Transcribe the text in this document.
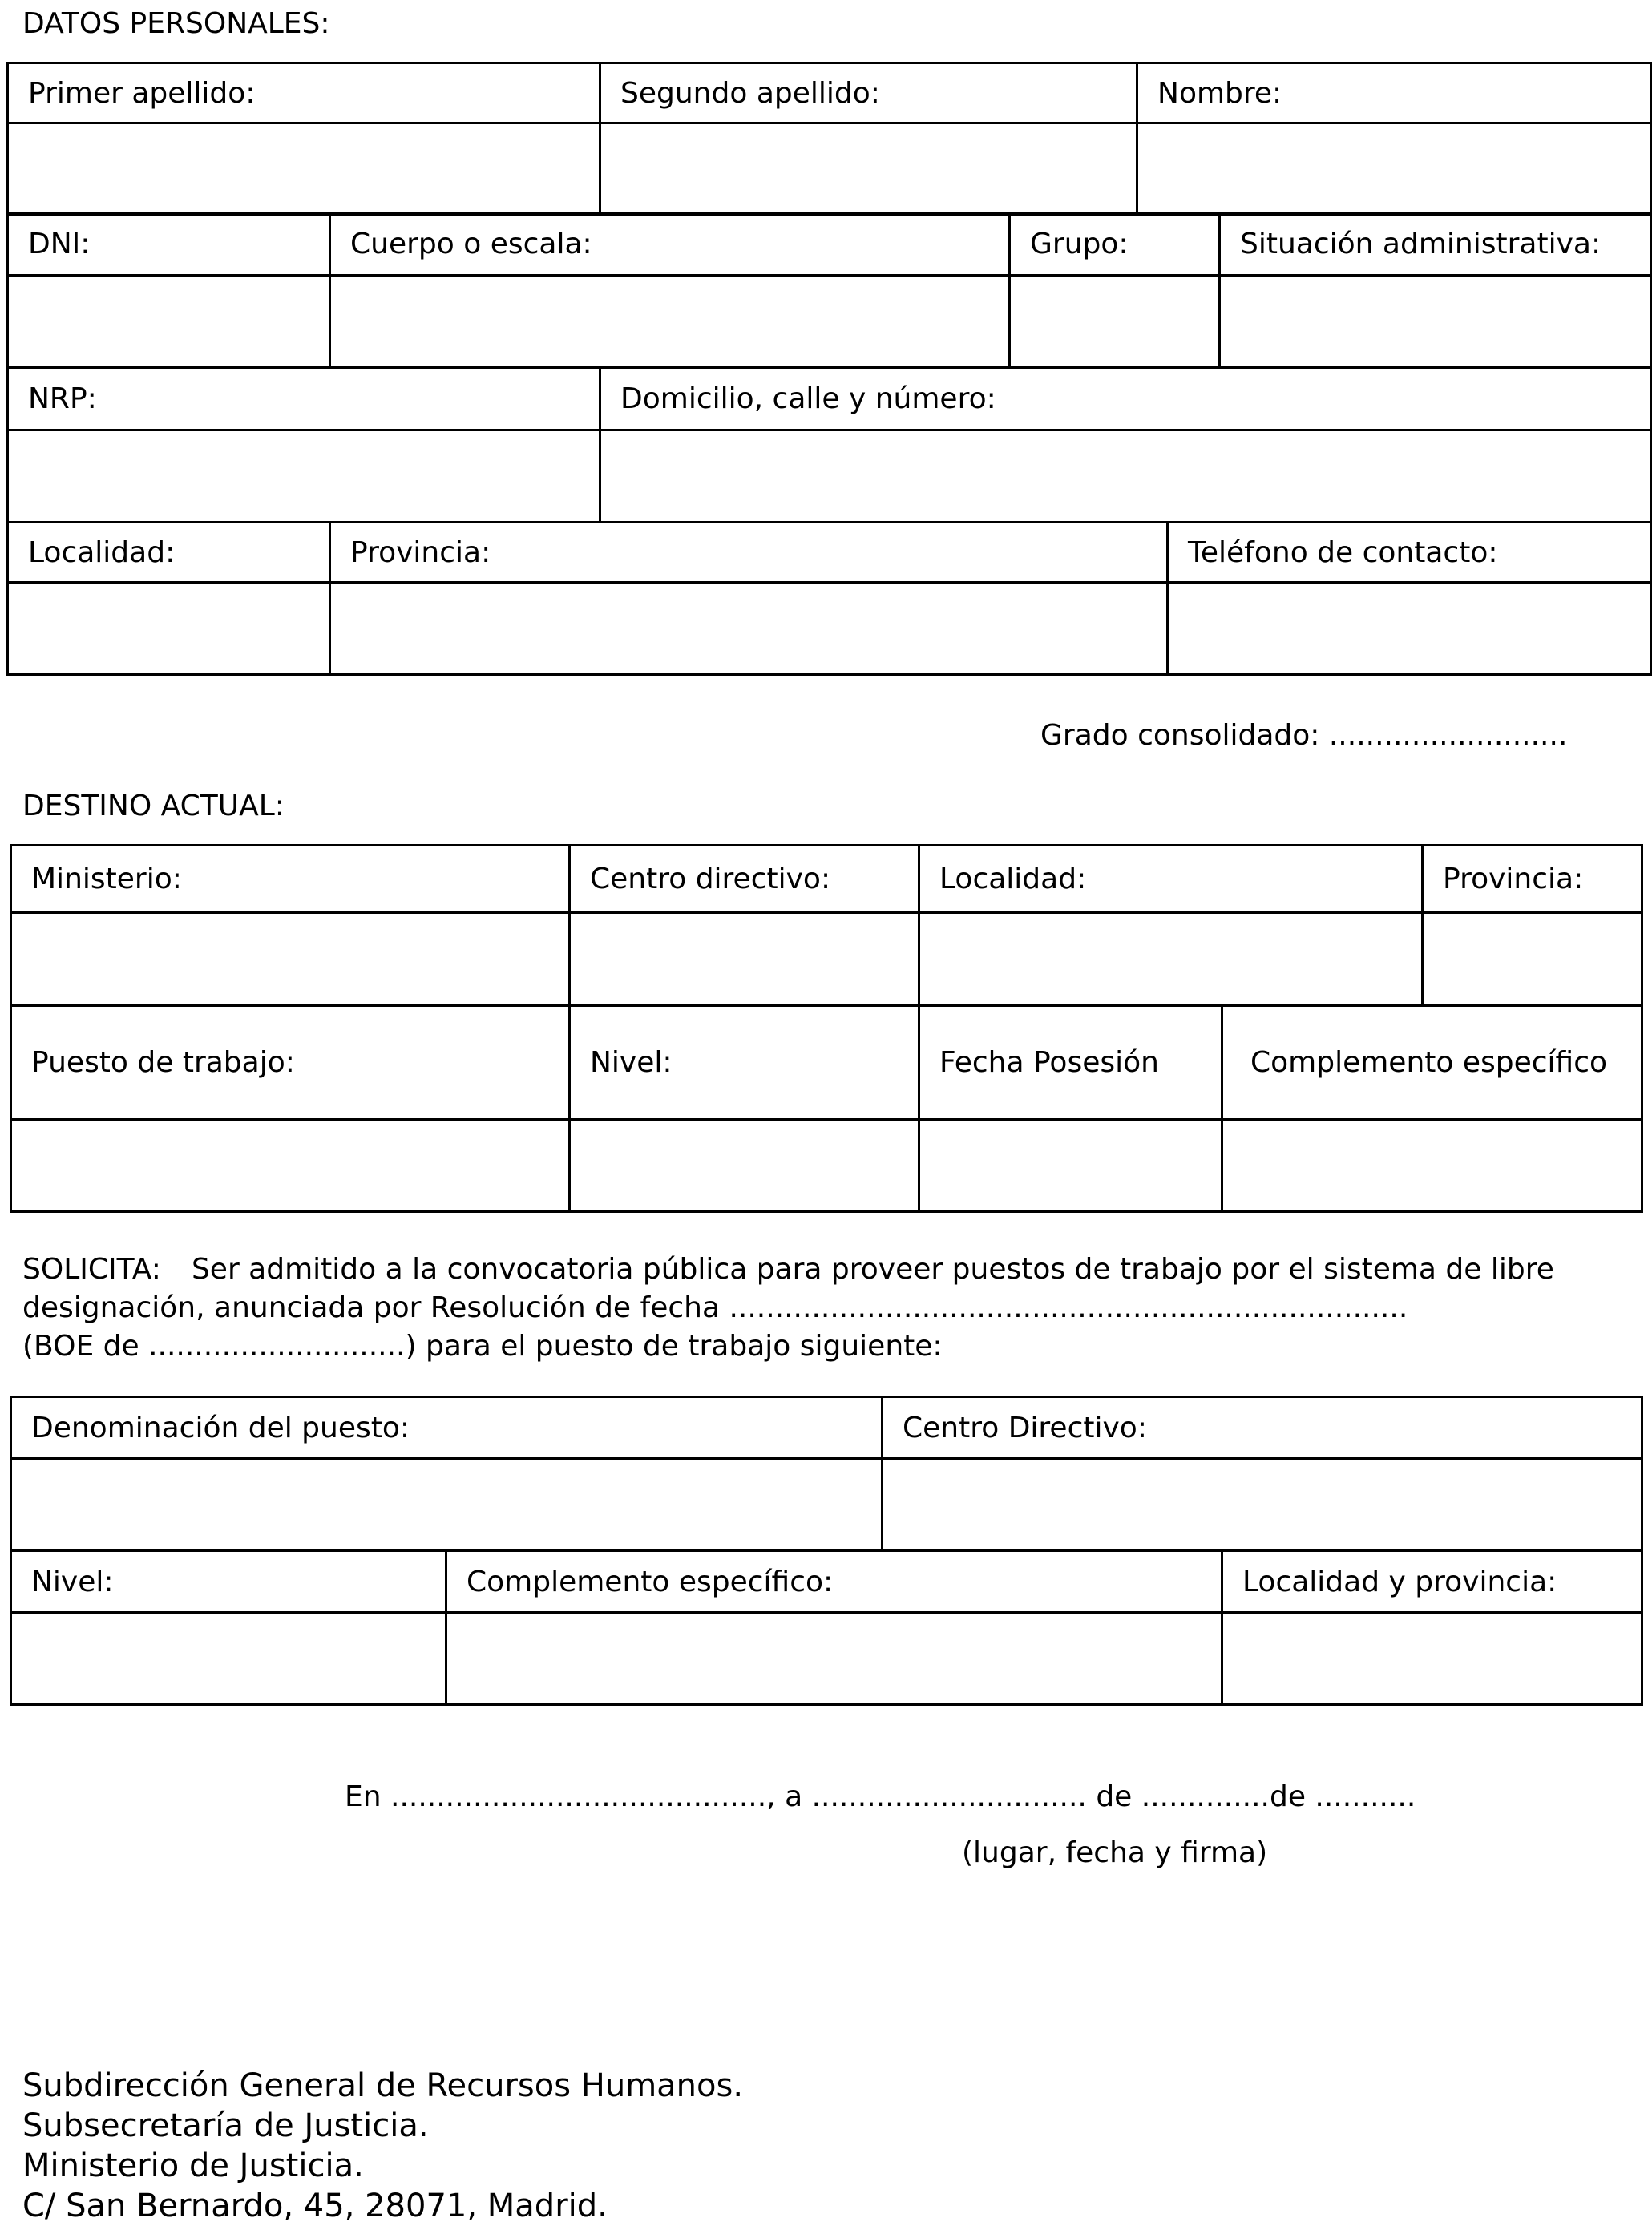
DATOS PERSONALES:
Primer apellido:	Segundo apellido:	Nombre:

DNI:	Cuerpo o escala:	Grupo:	Situación administrativa:

NRP:	Domicilio, calle y número:

Localidad:	Provincia:	Teléfono de contacto:

Grado consolidado: ..........................
DESTINO ACTUAL:
Ministerio:	Centro directivo:	Localidad:	Provincia:

Puesto de trabajo:	Nivel:	Fecha Posesión	Complemento específico

SOLICITA: Ser admitido a la convocatoria pública para proveer puestos de trabajo por el sistema de libre
designación, anunciada por Resolución de fecha ..........................................................................
(BOE de ............................) para el puesto de trabajo siguiente:
Denominación del puesto:	Centro Directivo:

Nivel:	Complemento específico:	Localidad y provincia:

En ........................................., a .............................. de ..............de ...........
(lugar, fecha y firma)
Subdirección General de Recursos Humanos.
Subsecretaría de Justicia.
Ministerio de Justicia.
C/ San Bernardo, 45, 28071, Madrid.
